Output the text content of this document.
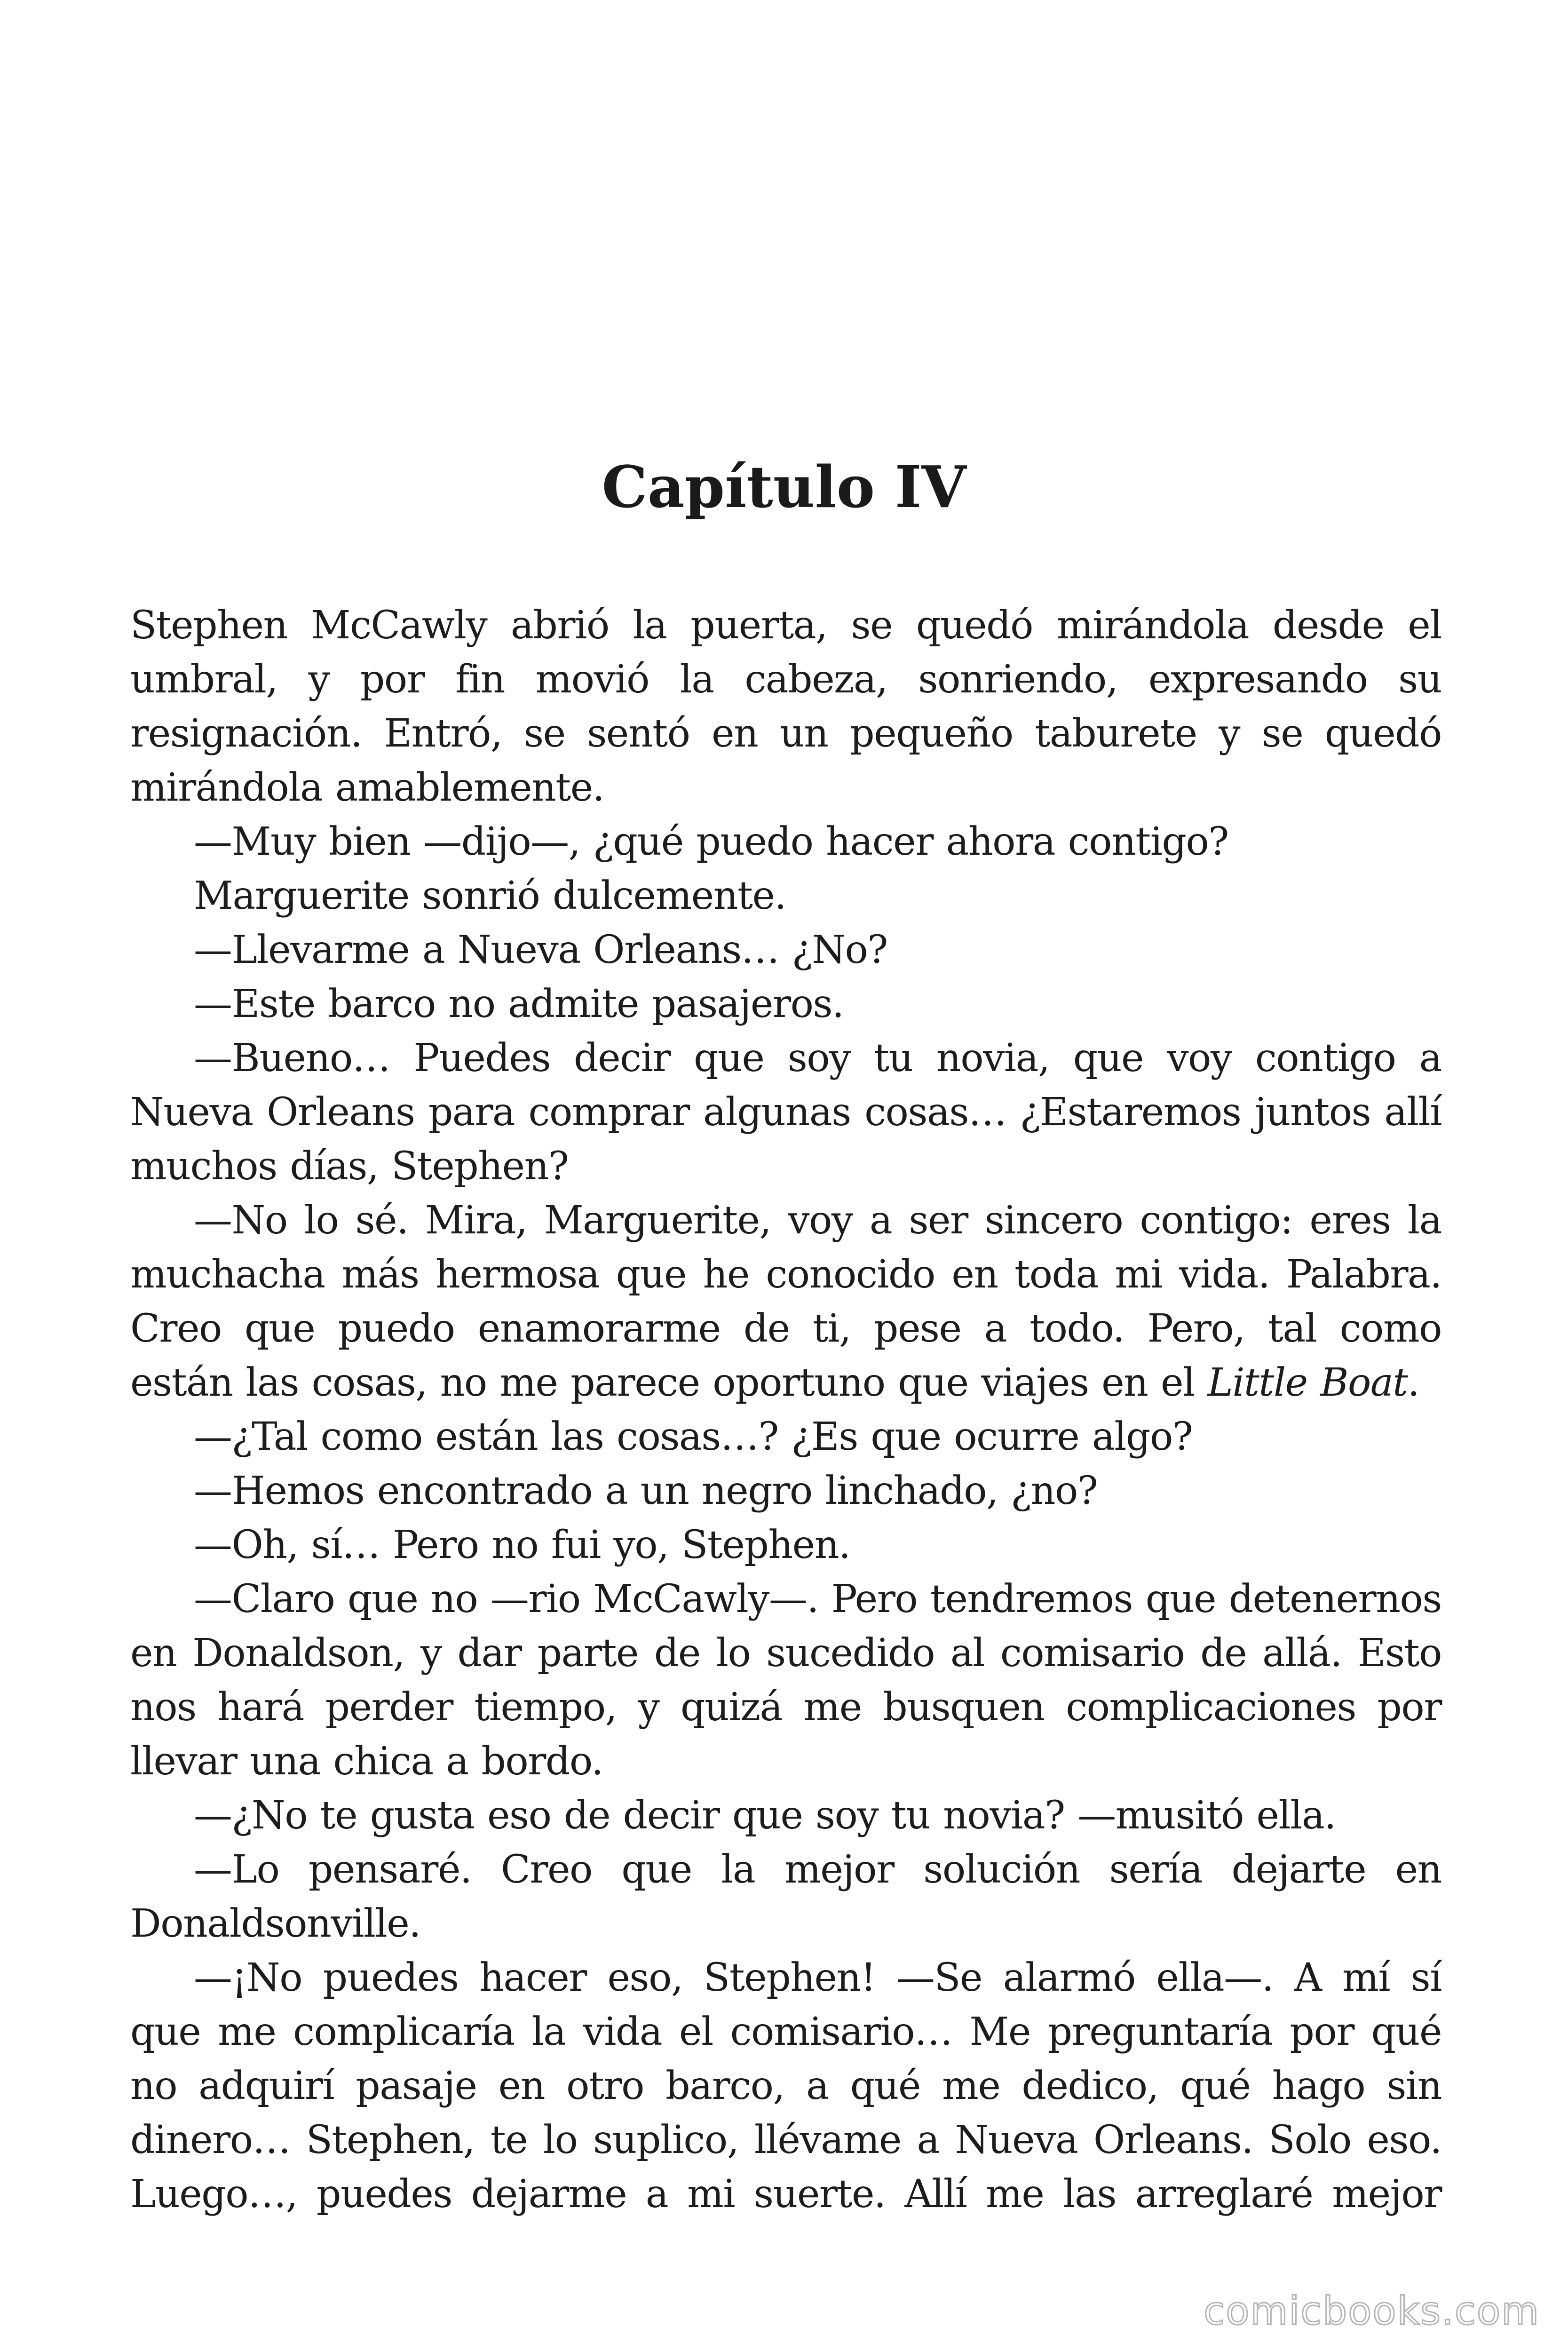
Capítulo IV

Stephen McCawly abrió la puerta, se quedó mirándola desde el umbral, y por fin movió la cabeza, sonriendo, expresando su resignación. Entró, se sentó en un pequeño taburete y se quedó mirándola amablemente.

—Muy bien —dijo—, ¿qué puedo hacer ahora contigo?

Marguerite sonrió dulcemente.

—Llevarme a Nueva Orleans… ¿No?

—Este barco no admite pasajeros.

—Bueno… Puedes decir que soy tu novia, que voy contigo a Nueva Orleans para comprar algunas cosas… ¿Estaremos juntos allí muchos días, Stephen?

—No lo sé. Mira, Marguerite, voy a ser sincero contigo: eres la muchacha más hermosa que he conocido en toda mi vida. Palabra. Creo que puedo enamorarme de ti, pese a todo. Pero, tal como están las cosas, no me parece oportuno que viajes en el Little Boat.

—¿Tal como están las cosas…? ¿Es que ocurre algo?

—Hemos encontrado a un negro linchado, ¿no?

—Oh, sí… Pero no fui yo, Stephen.

—Claro que no —rio McCawly—. Pero tendremos que detenernos en Donaldson, y dar parte de lo sucedido al comisario de allá. Esto nos hará perder tiempo, y quizá me busquen complicaciones por llevar una chica a bordo.

—¿No te gusta eso de decir que soy tu novia? —musitó ella.

—Lo pensaré. Creo que la mejor solución sería dejarte en Donaldsonville.

—¡No puedes hacer eso, Stephen! —Se alarmó ella—. A mí sí que me complicaría la vida el comisario… Me preguntaría por qué no adquirí pasaje en otro barco, a qué me dedico, qué hago sin dinero… Stephen, te lo suplico, llévame a Nueva Orleans. Solo eso. Luego…, puedes dejarme a mi suerte. Allí me las arreglaré mejor

comicbooks.com
